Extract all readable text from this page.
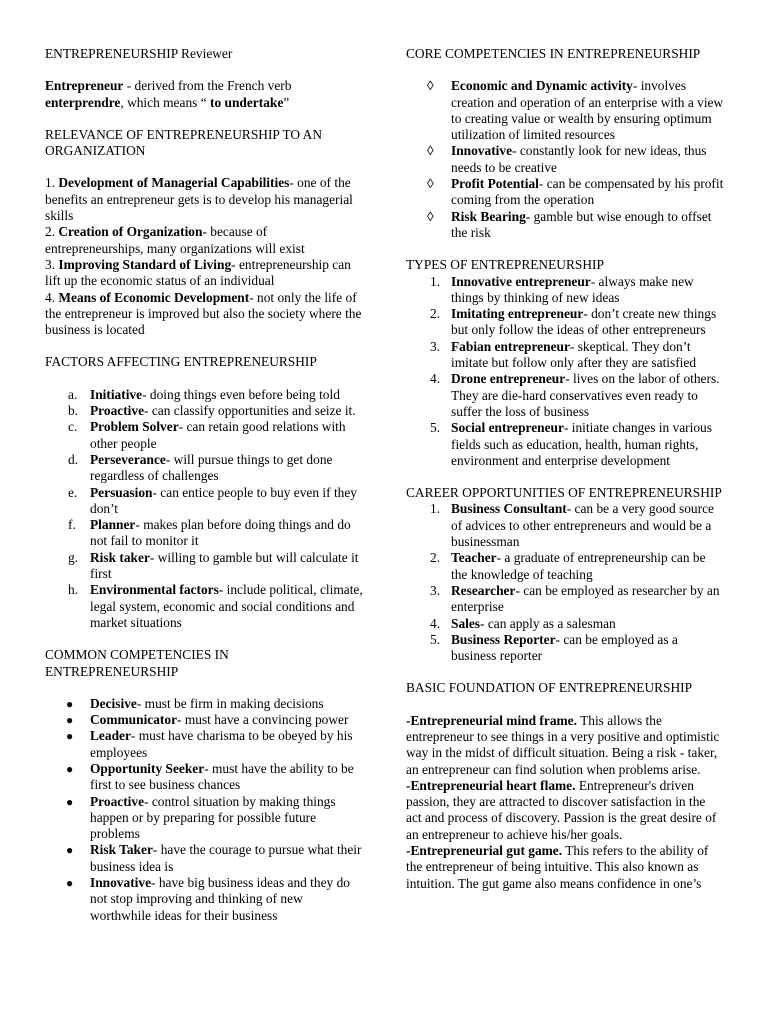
ENTREPRENEURSHIP Reviewer

Entrepreneur - derived from the French verb enterprendre, which means “ to undertake”

RELEVANCE OF ENTREPRENEURSHIP TO AN ORGANIZATION

1. Development of Managerial Capabilities- one of the benefits an entrepreneur gets is to develop his managerial skills

2. Creation of Organization- because of entrepreneurships, many organizations will exist

3. Improving Standard of Living- entrepreneurship can lift up the economic status of an individual

4. Means of Economic Development- not only the life of the entrepreneur is improved but also the society where the business is located

FACTORS AFFECTING ENTREPRENEURSHIP

a. Initiative- doing things even before being told

b. Proactive- can classify opportunities and seize it.

c. Problem Solver- can retain good relations with other people

d. Perseverance- will pursue things to get done regardless of challenges

e. Persuasion- can entice people to buy even if they don’t

f.	Planner- makes plan before doing things and do not fail to monitor it

g. Risk taker- willing to gamble but will calculate it first

h. Environmental factors- include political, climate, legal system, economic and social conditions and market situations

COMMON COMPETENCIES IN ENTREPRENEURSHIP

●	Decisive- must be firm in making decisions

●	Communicator- must have a convincing power

●	Leader- must have charisma to be obeyed by his employees

●	Opportunity Seeker- must have the ability to be first to see business chances

●	Proactive- control situation by making things happen or by preparing for possible future problems

●	Risk Taker- have the courage to pursue what their business idea is

●	Innovative- have big business ideas and they do not stop improving and thinking of new worthwhile ideas for their business

CORE COMPETENCIES IN ENTREPRENEURSHIP

◊	Economic and Dynamic activity- involves creation and operation of an enterprise with a view to creating value or wealth by ensuring optimum utilization of limited resources

◊	Innovative- constantly look for new ideas, thus needs to be creative

◊	Profit Potential- can be compensated by his profit coming from the operation

◊	Risk Bearing- gamble but wise enough to offset the risk

TYPES OF ENTREPRENEURSHIP

1. Innovative entrepreneur- always make new things by thinking of new ideas

2. Imitating entrepreneur- don’t create new things but only follow the ideas of other entrepreneurs

3. Fabian entrepreneur- skeptical. They don’t imitate but follow only after they are satisfied

4. Drone entrepreneur- lives on the labor of others. They are die-hard conservatives even ready to suffer the loss of business

5. Social entrepreneur- initiate changes in various fields such as education, health, human rights, environment and enterprise development

CAREER OPPORTUNITIES OF ENTREPRENEURSHIP

1. Business Consultant- can be a very good source of advices to other entrepreneurs and would be a businessman

2. Teacher- a graduate of entrepreneurship can be the knowledge of teaching

3. Researcher- can be employed as researcher by an enterprise

4. Sales- can apply as a salesman

5. Business Reporter- can be employed as a business reporter

BASIC FOUNDATION OF ENTREPRENEURSHIP

-Entrepreneurial mind frame. This allows the entrepreneur to see things in a very positive and optimistic way in the midst of difficult situation. Being a risk - taker, an entrepreneur can find solution when problems arise.

-Entrepreneurial heart flame. Entrepreneur's driven passion, they are attracted to discover satisfaction in the act and process of discovery. Passion is the great desire of an entrepreneur to achieve his/her goals.

-Entrepreneurial gut game. This refers to the ability of the entrepreneur of being intuitive. This also known as intuition. The gut game also means confidence in one’s
